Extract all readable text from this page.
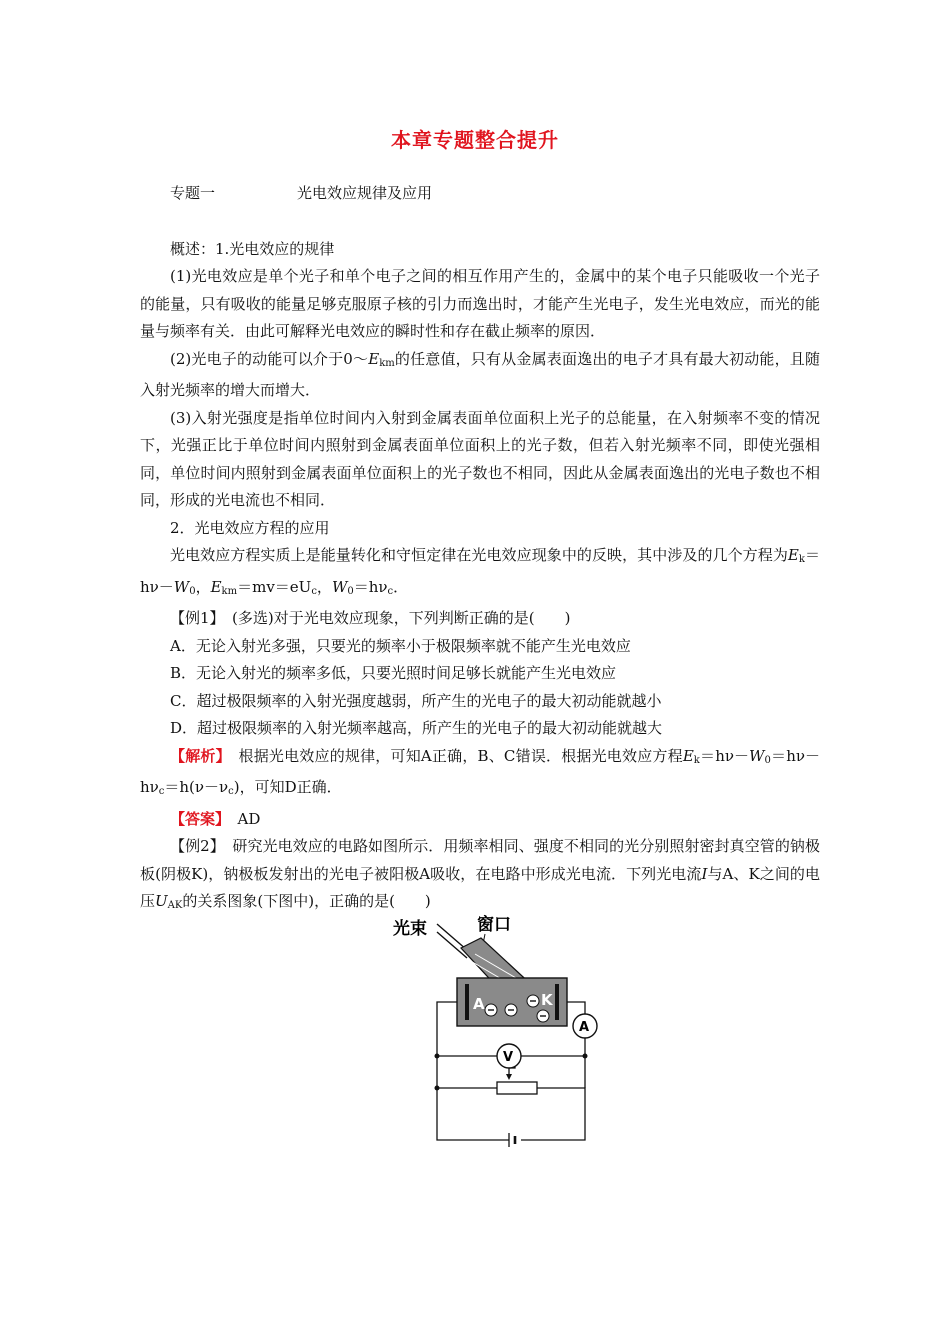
本章专题整合提升

专题一	光电效应规律及应用

概述：1.光电效应的规律

(1)光电效应是单个光子和单个电子之间的相互作用产生的，金属中的某个电子只能吸收一个光子的能量，只有吸收的能量足够克服原子核的引力而逸出时，才能产生光电子，发生光电效应，而光的能量与频率有关．由此可解释光电效应的瞬时性和存在截止频率的原因．

(2)光电子的动能可以介于$0\sim E_{km}$的任意值，只有从金属表面逸出的电子才具有最大初动能，且随入射光频率的增大而增大．

(3)入射光强度是指单位时间内入射到金属表面单位面积上光子的总能量，在入射频率不变的情况下，光强正比于单位时间内照射到金属表面单位面积上的光子数，但若入射光频率不同，即使光强相同，单位时间内照射到金属表面单位面积上的光子数也不相同，因此从金属表面逸出的光电子数也不相同，形成的光电流也不相同．

2．光电效应方程的应用

光电效应方程实质上是能量转化和守恒定律在光电效应现象中的反映，其中涉及的几个方程为$E_k=h\nu-W_0$，$E_{km}=mv=eU_c$，$W_0=h\nu_c$．

【例1】　(多选)对于光电效应现象，下列判断正确的是(　　)

A．无论入射光多强，只要光的频率小于极限频率就不能产生光电效应

B．无论入射光的频率多低，只要光照时间足够长就能产生光电效应

C．超过极限频率的入射光强度越弱，所产生的光电子的最大初动能就越小

D．超过极限频率的入射光频率越高，所产生的光电子的最大初动能就越大

【解析】　根据光电效应的规律，可知A正确，B、C错误．根据光电效应方程$E_k=h\nu-W_0=h\nu-h\nu_c=h(\nu-\nu_c)$，可知D正确．

【答案】　AD

【例2】　研究光电效应的电路如图所示．用频率相同、强度不相同的光分别照射密封真空管的钠极板(阴极K)，钠极板发射出的光电子被阳极A吸收，在电路中形成光电流．下列光电流I与A、K之间的电压$U_{AK}$的关系图象(下图中)，正确的是(　　)

光束	窗口
A	K
A
V
